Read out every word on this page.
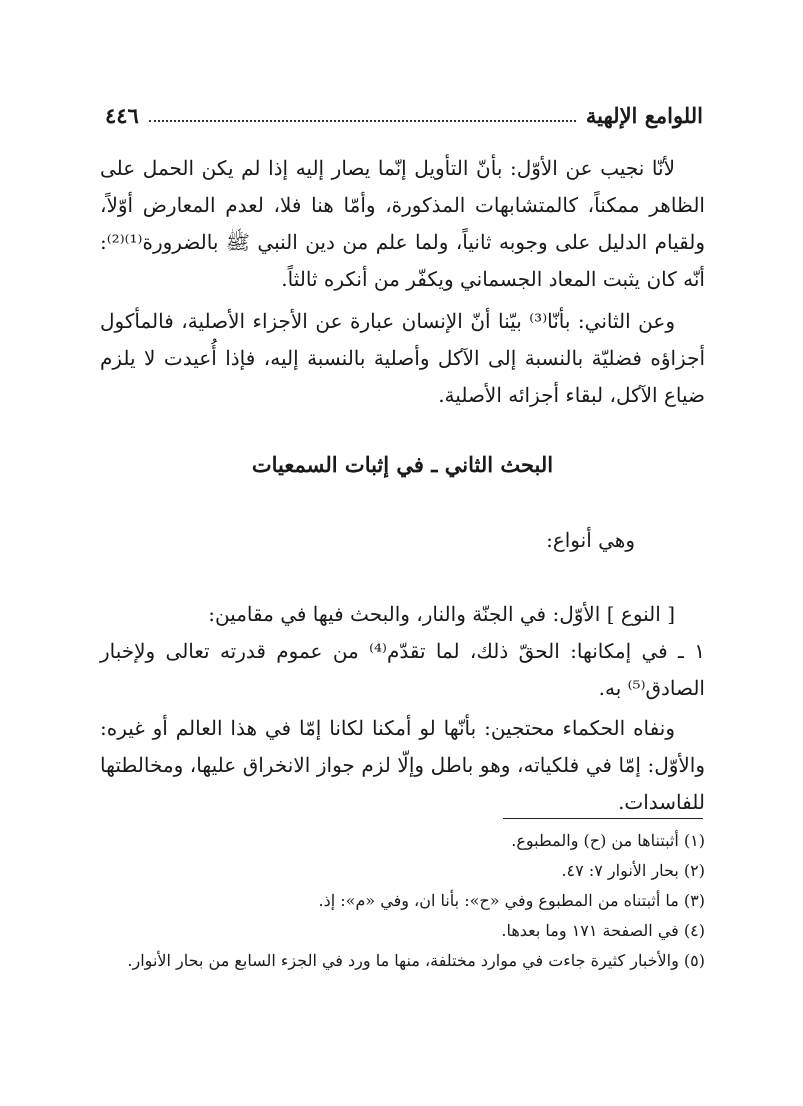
اللوامع الإلهية
٤٤٦

لأنّا نجيب عن الأوّل: بأنّ التأويل إنّما يصار إليه إذا لم يكن الحمل على الظاهر ممكناً، كالمتشابهات المذكورة، وأمّا هنا فلا، لعدم المعارض أوّلاً، ولقيام الدليل على وجوبه ثانياً، ولما علم من دين النبي ﷺ بالضرورة⁽¹⁾⁽²⁾: أنّه كان يثبت المعاد الجسماني ويكفّر من أنكره ثالثاً.

وعن الثاني: بأنّا⁽³⁾ بيّنا أنّ الإنسان عبارة عن الأجزاء الأصلية، فالمأكول أجزاؤه فضليّة بالنسبة إلى الآكل وأصلية بالنسبة إليه، فإذا أُعيدت لا يلزم ضياع الآكل، لبقاء أجزائه الأصلية.

البحث الثاني ـ في إثبات السمعيات
وهي أنواع:

[ النوع ] الأوّل: في الجنّة والنار، والبحث فيها في مقامين:

١ ـ في إمكانها: الحقّ ذلك، لما تقدّم⁽⁴⁾ من عموم قدرته تعالى ولإخبار الصادق⁽⁵⁾ به.

ونفاه الحكماء محتجين: بأنّها لو أمكنا لكانا إمّا في هذا العالم أو غيره: والأوّل: إمّا في فلكياته، وهو باطل وإلّا لزم جواز الانخراق عليها، ومخالطتها للفاسدات.

(١) أثبتناها من (ح) والمطبوع.

(٢) بحار الأنوار ٧: ٤٧.

(٣) ما أثبتناه من المطبوع وفي «ح»: بأنا ان، وفي «م»: إذ.

(٤) في الصفحة ١٧١ وما بعدها.

(٥) والأخبار كثيرة جاءت في موارد مختلفة، منها ما ورد في الجزء السابع من بحار الأنوار.
